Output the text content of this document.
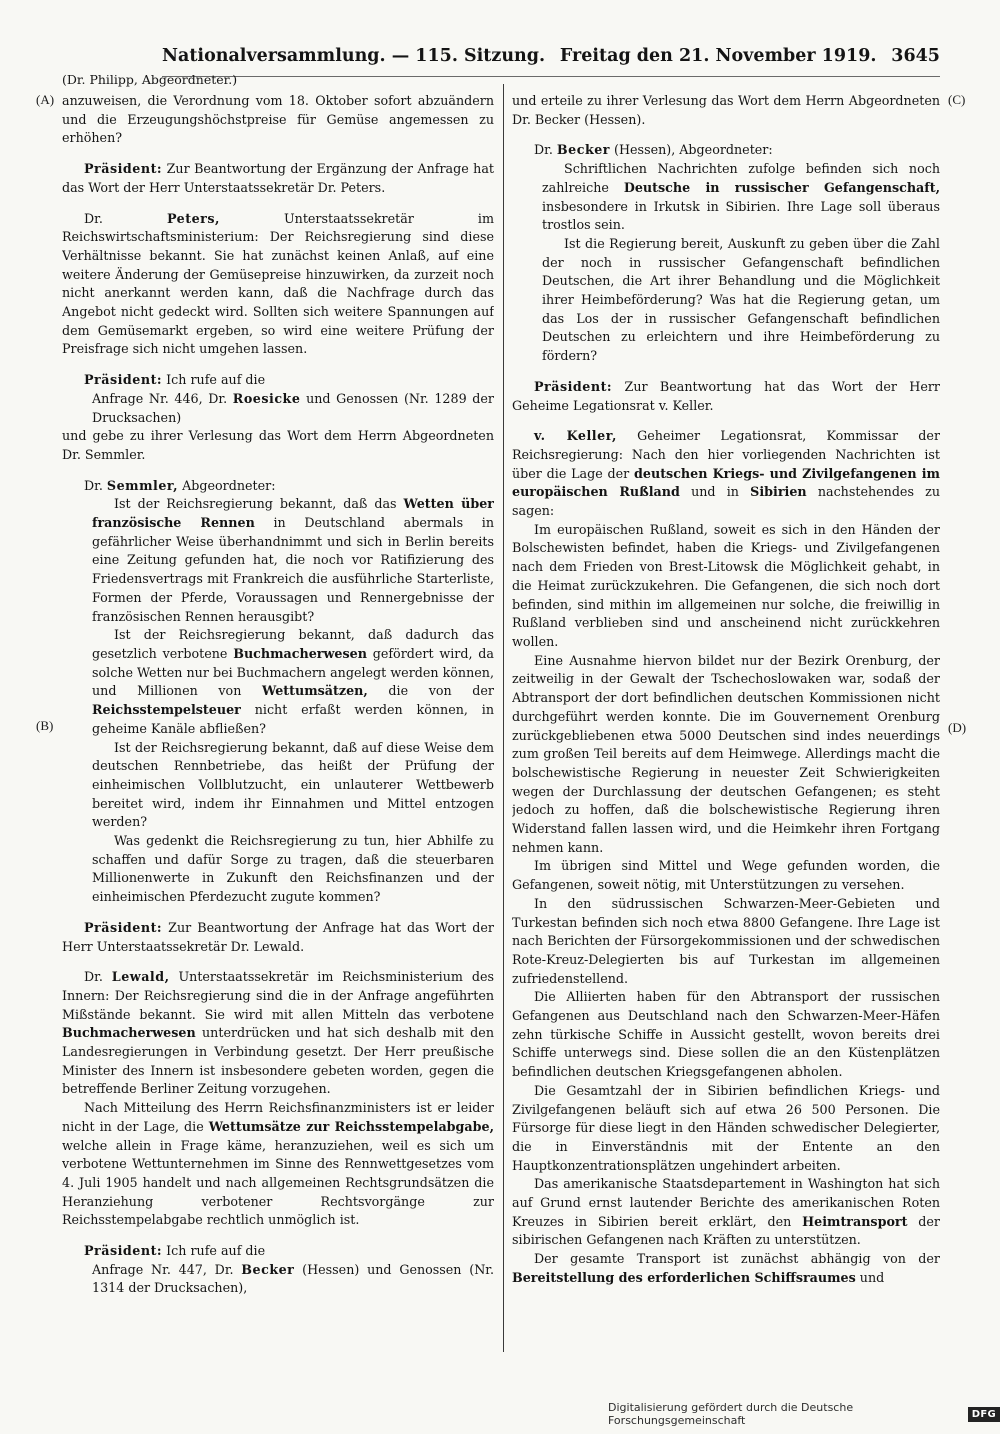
Nationalversammlung. — 115. Sitzung. Freitag den 21. November 1919. 3645
(Dr. Philipp, Abgeordneter.)
(A)
(B)
(C)
(D)

anzuweisen, die Verordnung vom 18. Oktober sofort abzuändern und die Erzeugungshöchstpreise für Gemüse angemessen zu erhöhen?

Präsident: Zur Beantwortung der Ergänzung der Anfrage hat das Wort der Herr Unterstaatssekretär Dr. Peters.

Dr. Peters, Unterstaatssekretär im Reichswirtschaftsministerium: Der Reichsregierung sind diese Verhältnisse bekannt. Sie hat zunächst keinen Anlaß, auf eine weitere Änderung der Gemüsepreise hinzuwirken, da zurzeit noch nicht anerkannt werden kann, daß die Nachfrage durch das Angebot nicht gedeckt wird. Sollten sich weitere Spannungen auf dem Gemüsemarkt ergeben, so wird eine weitere Prüfung der Preisfrage sich nicht umgehen lassen.

Präsident: Ich rufe auf die

Anfrage Nr. 446, Dr. Roesicke und Genossen (Nr. 1289 der Drucksachen)

und gebe zu ihrer Verlesung das Wort dem Herrn Abgeordneten Dr. Semmler.

Dr. Semmler, Abgeordneter:

Ist der Reichsregierung bekannt, daß das Wetten über französische Rennen in Deutschland abermals in gefährlicher Weise überhandnimmt und sich in Berlin bereits eine Zeitung gefunden hat, die noch vor Ratifizierung des Friedensvertrags mit Frankreich die ausführliche Starterliste, Formen der Pferde, Voraussagen und Rennergebnisse der französischen Rennen herausgibt?

Ist der Reichsregierung bekannt, daß dadurch das gesetzlich verbotene Buchmacherwesen gefördert wird, da solche Wetten nur bei Buchmachern angelegt werden können, und Millionen von Wettumsätzen, die von der Reichsstempelsteuer nicht erfaßt werden können, in geheime Kanäle abfließen?

Ist der Reichsregierung bekannt, daß auf diese Weise dem deutschen Rennbetriebe, das heißt der Prüfung der einheimischen Vollblutzucht, ein unlauterer Wettbewerb bereitet wird, indem ihr Einnahmen und Mittel entzogen werden?

Was gedenkt die Reichsregierung zu tun, hier Abhilfe zu schaffen und dafür Sorge zu tragen, daß die steuerbaren Millionenwerte in Zukunft den Reichsfinanzen und der einheimischen Pferdezucht zugute kommen?

Präsident: Zur Beantwortung der Anfrage hat das Wort der Herr Unterstaatssekretär Dr. Lewald.

Dr. Lewald, Unterstaatssekretär im Reichsministerium des Innern: Der Reichsregierung sind die in der Anfrage angeführten Mißstände bekannt. Sie wird mit allen Mitteln das verbotene Buchmacherwesen unterdrücken und hat sich deshalb mit den Landesregierungen in Verbindung gesetzt. Der Herr preußische Minister des Innern ist insbesondere gebeten worden, gegen die betreffende Berliner Zeitung vorzugehen.

Nach Mitteilung des Herrn Reichsfinanzministers ist er leider nicht in der Lage, die Wettumsätze zur Reichsstempelabgabe, welche allein in Frage käme, heranzuziehen, weil es sich um verbotene Wettunternehmen im Sinne des Rennwettgesetzes vom 4. Juli 1905 handelt und nach allgemeinen Rechtsgrundsätzen die Heranziehung verbotener Rechtsvorgänge zur Reichsstempelabgabe rechtlich unmöglich ist.

Präsident: Ich rufe auf die

Anfrage Nr. 447, Dr. Becker (Hessen) und Genossen (Nr. 1314 der Drucksachen),

und erteile zu ihrer Verlesung das Wort dem Herrn Abgeordneten Dr. Becker (Hessen).

Dr. Becker (Hessen), Abgeordneter:

Schriftlichen Nachrichten zufolge befinden sich noch zahlreiche Deutsche in russischer Gefangenschaft, insbesondere in Irkutsk in Sibirien. Ihre Lage soll überaus trostlos sein.

Ist die Regierung bereit, Auskunft zu geben über die Zahl der noch in russischer Gefangenschaft befindlichen Deutschen, die Art ihrer Behandlung und die Möglichkeit ihrer Heimbeförderung? Was hat die Regierung getan, um das Los der in russischer Gefangenschaft befindlichen Deutschen zu erleichtern und ihre Heimbeförderung zu fördern?

Präsident: Zur Beantwortung hat das Wort der Herr Geheime Legationsrat v. Keller.

v. Keller, Geheimer Legationsrat, Kommissar der Reichsregierung: Nach den hier vorliegenden Nachrichten ist über die Lage der deutschen Kriegs- und Zivilgefangenen im europäischen Rußland und in Sibirien nachstehendes zu sagen:

Im europäischen Rußland, soweit es sich in den Händen der Bolschewisten befindet, haben die Kriegs- und Zivilgefangenen nach dem Frieden von Brest-Litowsk die Möglichkeit gehabt, in die Heimat zurückzukehren. Die Gefangenen, die sich noch dort befinden, sind mithin im allgemeinen nur solche, die freiwillig in Rußland verblieben sind und anscheinend nicht zurückkehren wollen.

Eine Ausnahme hiervon bildet nur der Bezirk Orenburg, der zeitweilig in der Gewalt der Tschechoslowaken war, sodaß der Abtransport der dort befindlichen deutschen Kommissionen nicht durchgeführt werden konnte. Die im Gouvernement Orenburg zurückgebliebenen etwa 5000 Deutschen sind indes neuerdings zum großen Teil bereits auf dem Heimwege. Allerdings macht die bolschewistische Regierung in neuester Zeit Schwierigkeiten wegen der Durchlassung der deutschen Gefangenen; es steht jedoch zu hoffen, daß die bolschewistische Regierung ihren Widerstand fallen lassen wird, und die Heimkehr ihren Fortgang nehmen kann.

Im übrigen sind Mittel und Wege gefunden worden, die Gefangenen, soweit nötig, mit Unterstützungen zu versehen.

In den südrussischen Schwarzen-Meer-Gebieten und Turkestan befinden sich noch etwa 8800 Gefangene. Ihre Lage ist nach Berichten der Fürsorgekommissionen und der schwedischen Rote-Kreuz-Delegierten bis auf Turkestan im allgemeinen zufriedenstellend.

Die Alliierten haben für den Abtransport der russischen Gefangenen aus Deutschland nach den Schwarzen-Meer-Häfen zehn türkische Schiffe in Aussicht gestellt, wovon bereits drei Schiffe unterwegs sind. Diese sollen die an den Küstenplätzen befindlichen deutschen Kriegsgefangenen abholen.

Die Gesamtzahl der in Sibirien befindlichen Kriegs- und Zivilgefangenen beläuft sich auf etwa 26 500 Personen. Die Fürsorge für diese liegt in den Händen schwedischer Delegierter, die in Einverständnis mit der Entente an den Hauptkonzentrationsplätzen ungehindert arbeiten.

Das amerikanische Staatsdepartement in Washington hat sich auf Grund ernst lautender Berichte des amerikanischen Roten Kreuzes in Sibirien bereit erklärt, den Heimtransport der sibirischen Gefangenen nach Kräften zu unterstützen.

Der gesamte Transport ist zunächst abhängig von der Bereitstellung des erforderlichen Schiffsraumes und

Digitalisierung gefördert durch die Deutsche Forschungsgemeinschaft	DFG
